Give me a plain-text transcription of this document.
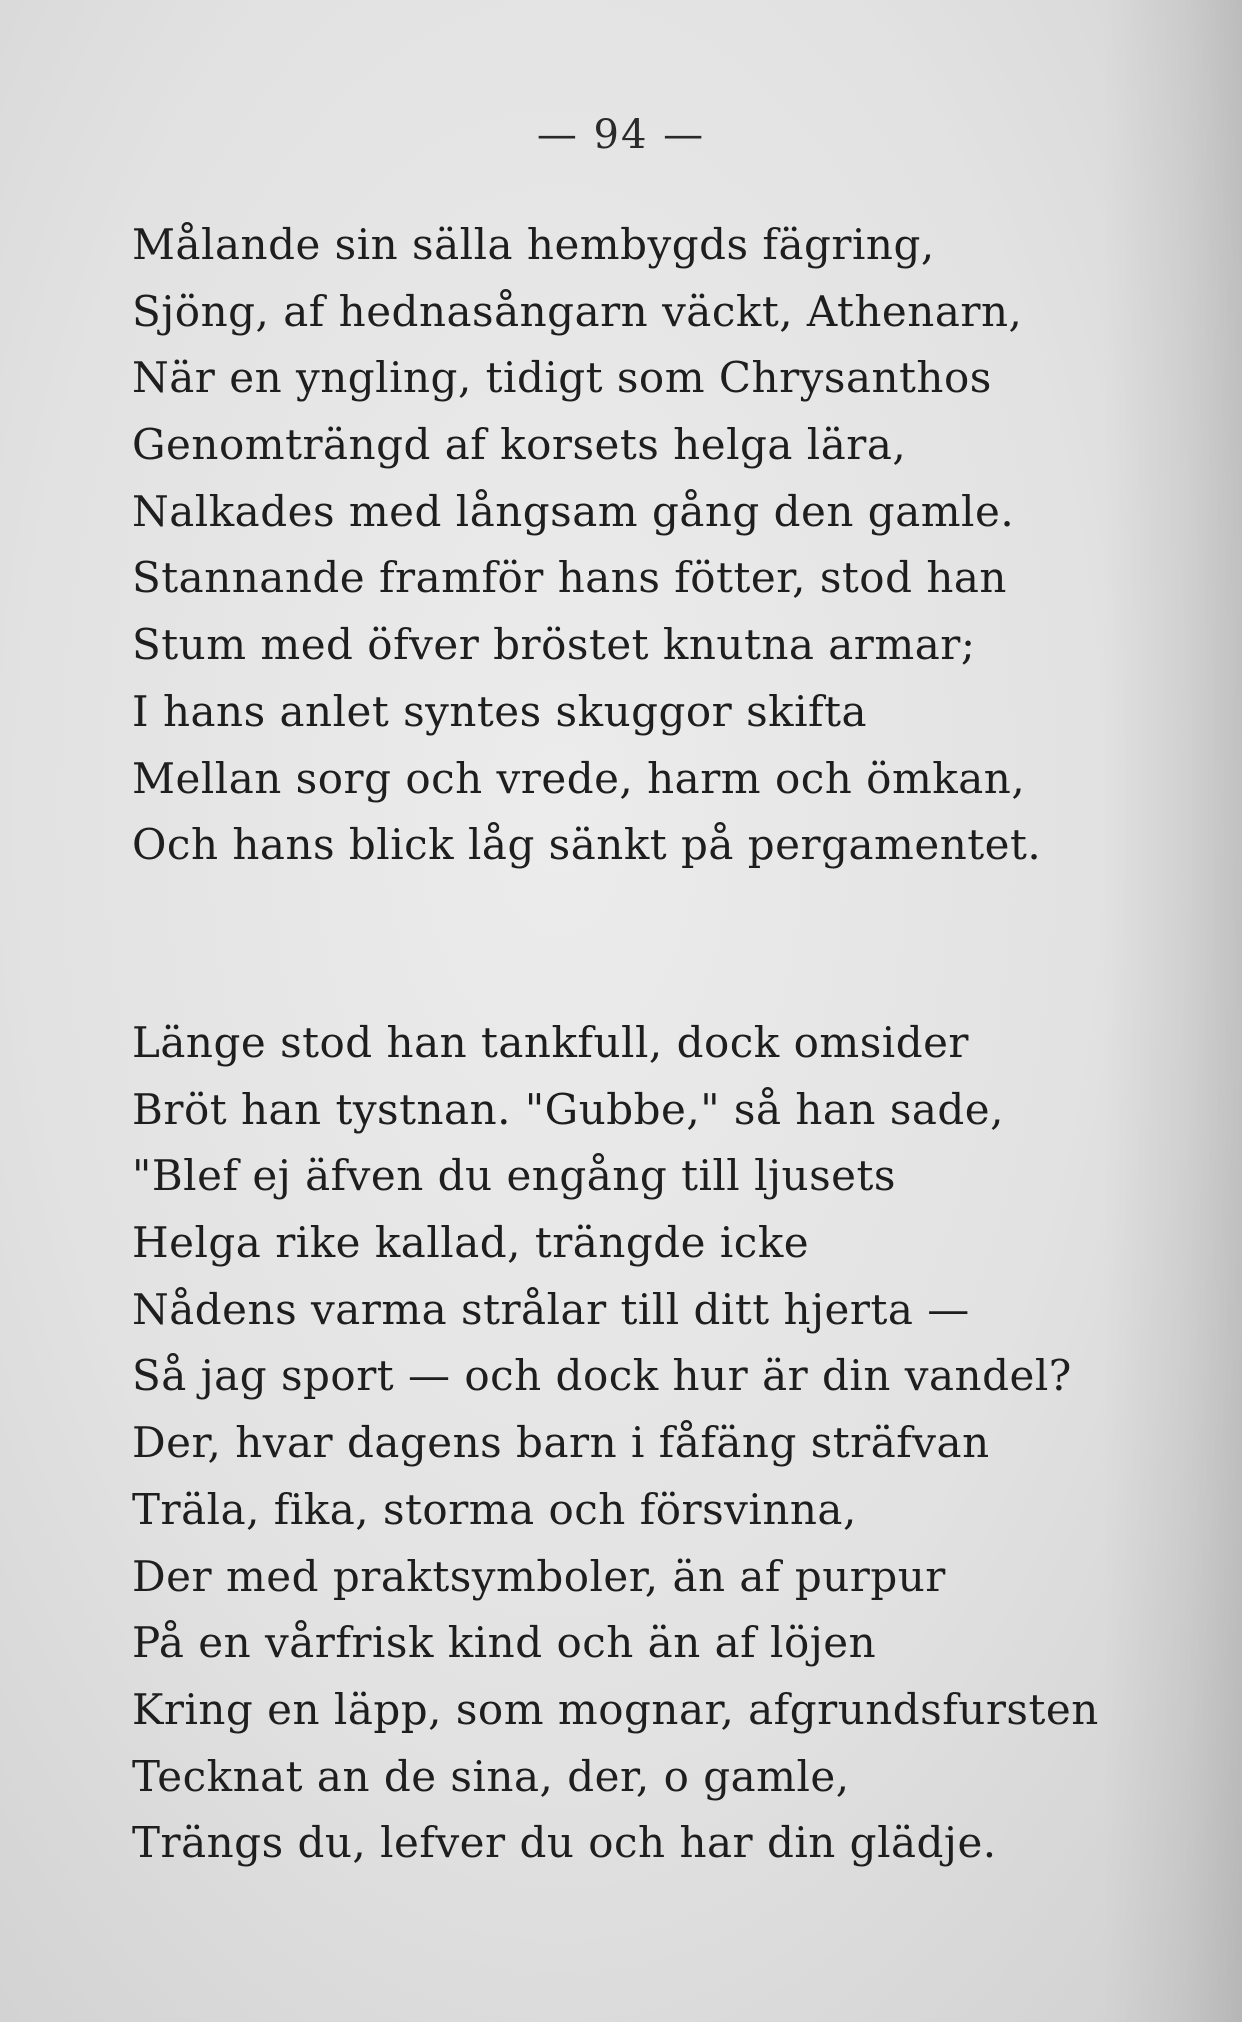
— 94 —
Målande sin sälla hembygds fägring,
Sjöng, af hednasångarn väckt, Athenarn,
När en yngling, tidigt som Chrysanthos
Genomträngd af korsets helga lära,
Nalkades med långsam gång den gamle.
Stannande framför hans fötter, stod han
Stum med öfver bröstet knutna armar;
I hans anlet syntes skuggor skifta
Mellan sorg och vrede, harm och ömkan,
Och hans blick låg sänkt på pergamentet.
Länge stod han tankfull, dock omsider
Bröt han tystnan. "Gubbe," så han sade,
"Blef ej äfven du engång till ljusets
Helga rike kallad, trängde icke
Nådens varma strålar till ditt hjerta —
Så jag sport — och dock hur är din vandel?
Der, hvar dagens barn i fåfäng sträfvan
Träla, fika, storma och försvinna,
Der med praktsymboler, än af purpur
På en vårfrisk kind och än af löjen
Kring en läpp, som mognar, afgrundsfursten
Tecknat an de sina, der, o gamle,
Trängs du, lefver du och har din glädje.
